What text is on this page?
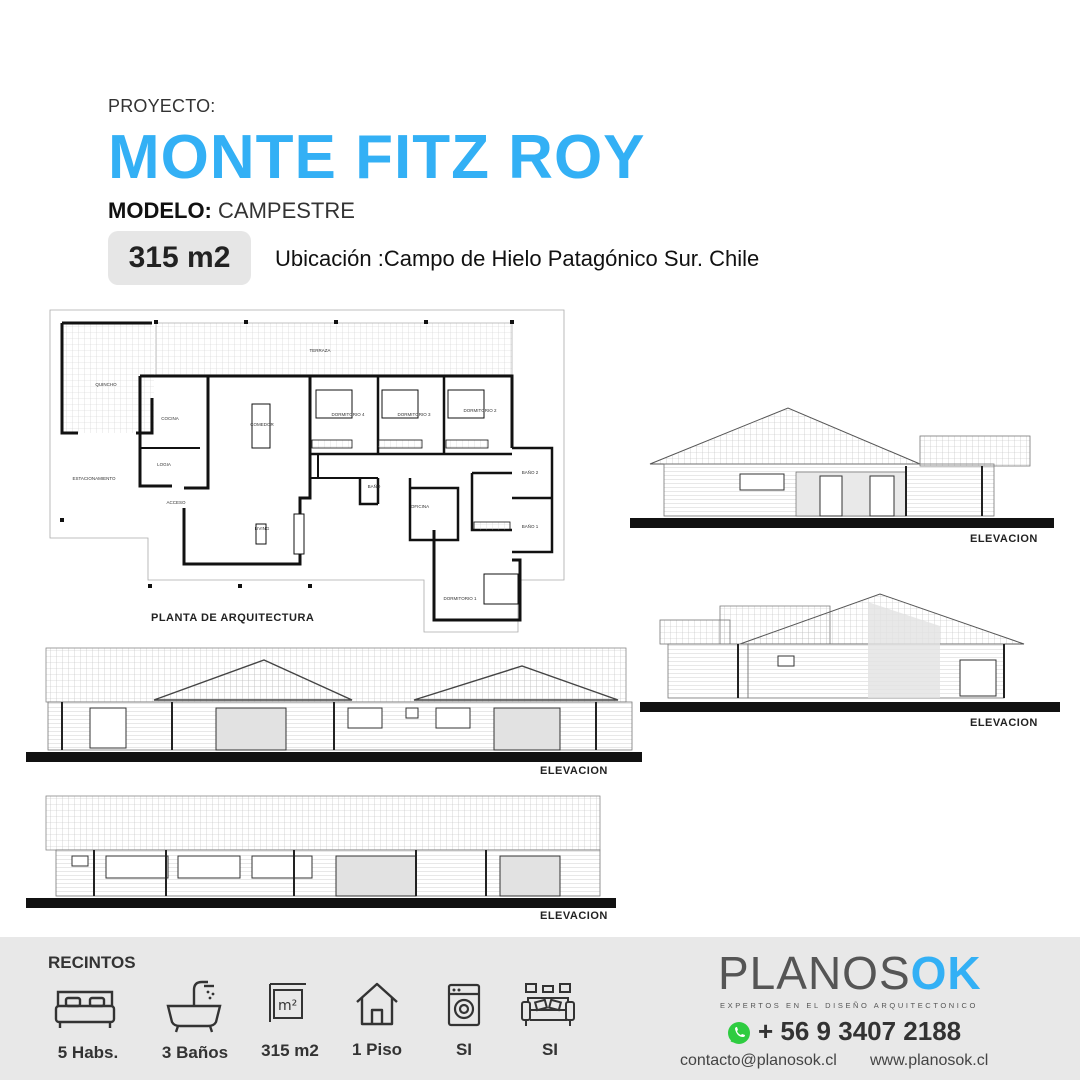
PROYECTO:
MONTE FITZ ROY
MODELO: CAMPESTRE
315 m2 Ubicación :Campo de Hielo Patagónico Sur. Chile
TERRAZA
QUINCHO
COCINA
LOGIA
ESTACIONAMIENTO
COMEDOR
LIVING
DORMITORIO 4	DORMITORIO 3
DORMITORIO 2
DORMITORIO 1
OFICINA
BAÑO
BAÑO 2
BAÑO 1
ACCESO
PLANTA DE ARQUITECTURA
ELEVACION
ELEVACION
ELEVACION
ELEVACION
RECINTOS
m²
5 Habs.	3 Baños	315 m2	1 Piso	SI	SI
PLANOSOK
EXPERTOS EN EL DISEÑO ARQUITECTONICO
+ 56 9 3407 2188
contacto@planosok.cl www.planosok.cl
